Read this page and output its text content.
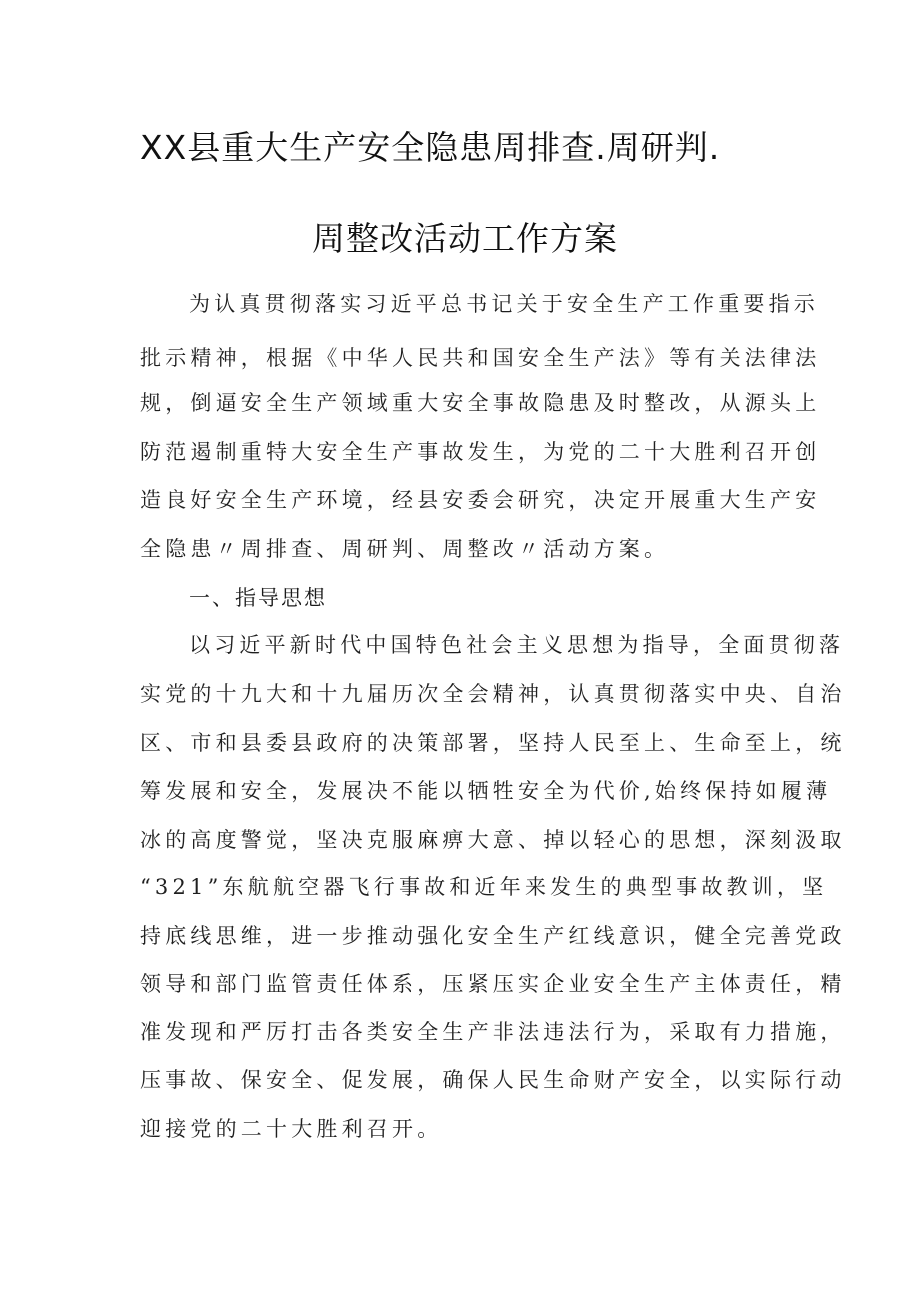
XX县重大生产安全隐患周排查.周研判.
周整改活动工作方案
为认真贯彻落实习近平总书记关于安全生产工作重要指示
批示精神，根据《中华人民共和国安全生产法》等有关法律法
规，倒逼安全生产领域重大安全事故隐患及时整改，从源头上
防范遏制重特大安全生产事故发生，为党的二十大胜利召开创
造良好安全生产环境，经县安委会研究，决定开展重大生产安
全隐患〃周排查、周研判、周整改〃活动方案。
一、指导思想
以习近平新时代中国特色社会主义思想为指导，全面贯彻落
实党的十九大和十九届历次全会精神，认真贯彻落实中央、自治
区、市和县委县政府的决策部署，坚持人民至上、生命至上，统
筹发展和安全，发展决不能以牺牲安全为代价,始终保持如履薄
冰的高度警觉，坚决克服麻痹大意、掉以轻心的思想，深刻汲取
“321”东航航空器飞行事故和近年来发生的典型事故教训，坚
持底线思维，进一步推动强化安全生产红线意识，健全完善党政
领导和部门监管责任体系，压紧压实企业安全生产主体责任，精
准发现和严厉打击各类安全生产非法违法行为，采取有力措施，
压事故、保安全、促发展，确保人民生命财产安全，以实际行动
迎接党的二十大胜利召开。
